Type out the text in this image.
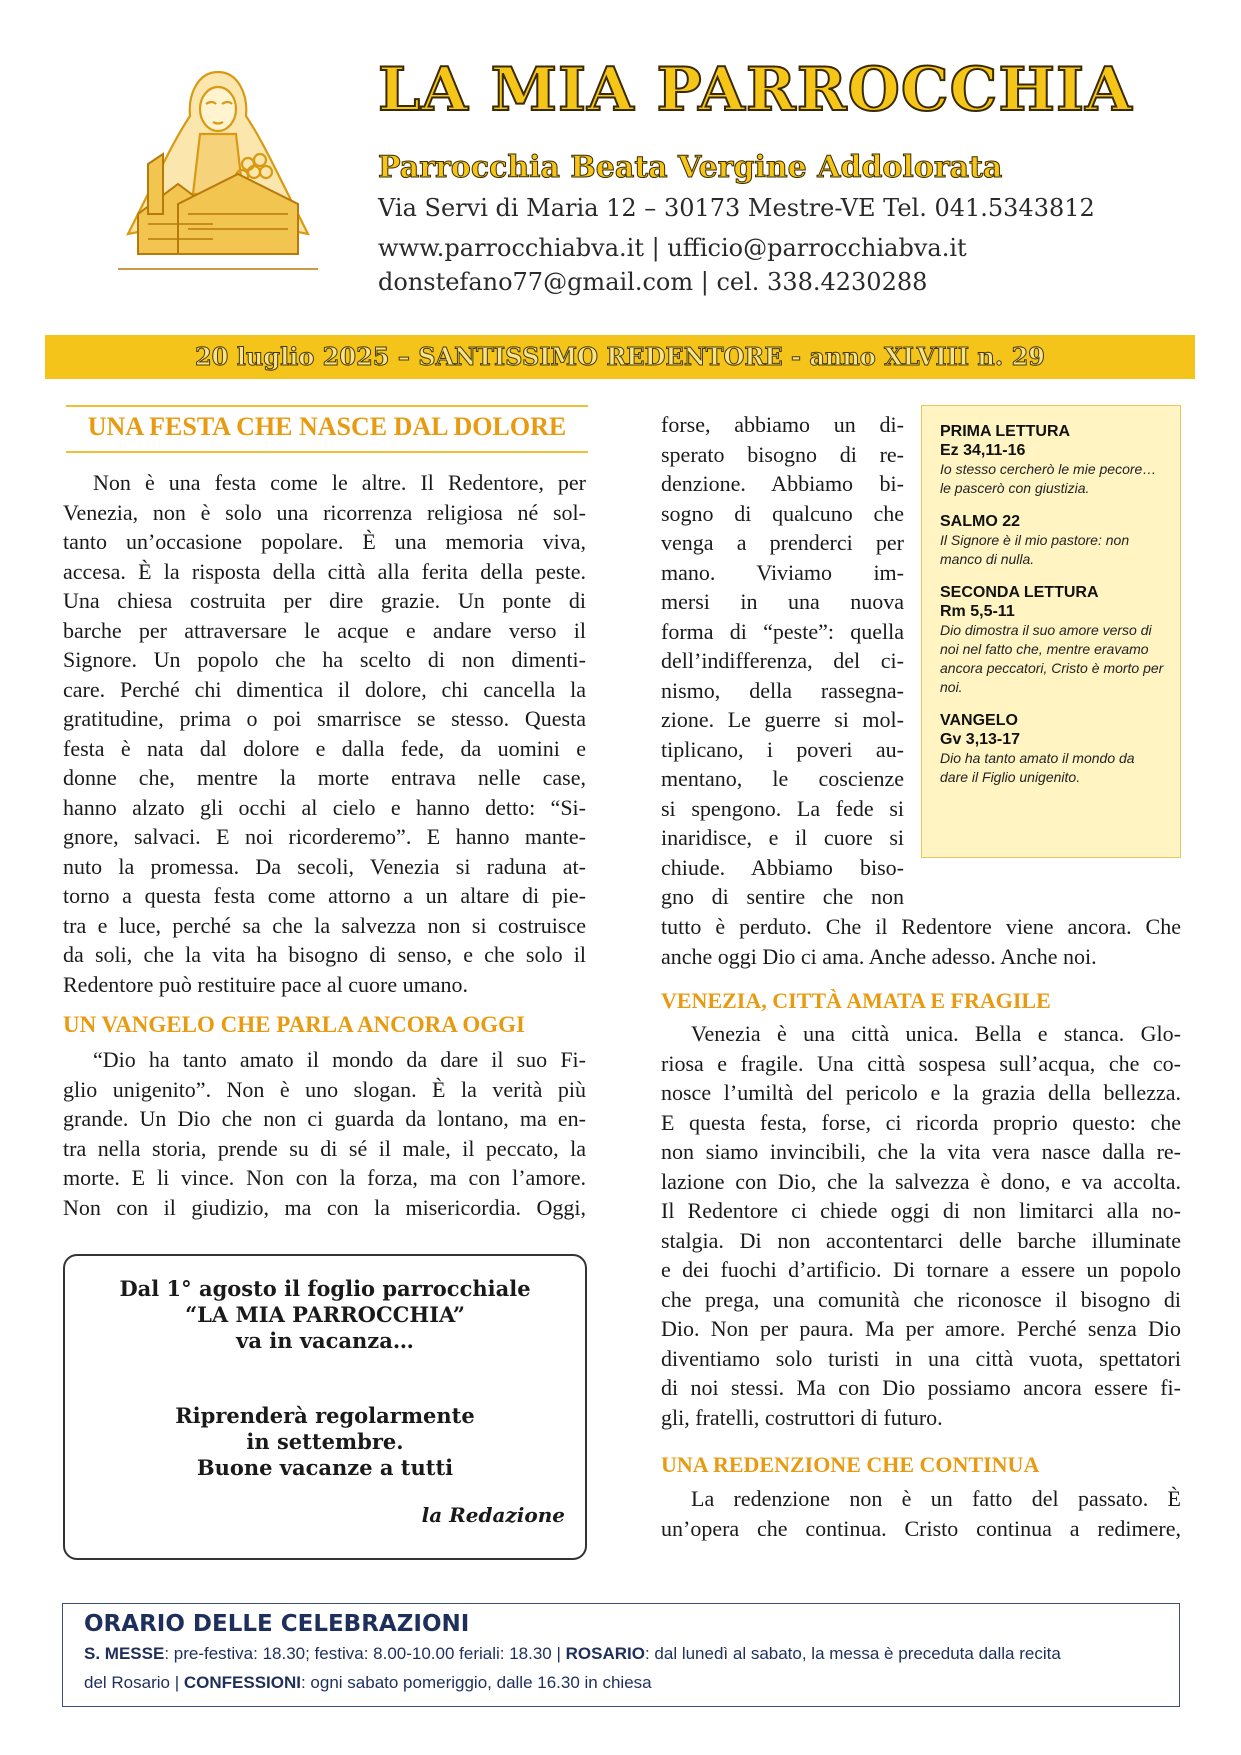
LA MIA PARROCCHIA
Parrocchia Beata Vergine Addolorata
Via Servi di Maria 12 – 30173 Mestre-VE Tel. 041.5343812
www.parrocchiabva.it | ufficio@parrocchiabva.it
donstefano77@gmail.com | cel. 338.4230288
20 luglio 2025 – SANTISSIMO REDENTORE - anno XLVIII n. 29
UNA FESTA CHE NASCE DAL DOLORE
Non è una festa come le altre. Il Redentore, per
Venezia, non è solo una ricorrenza religiosa né sol-
tanto un’occasione popolare. È una memoria viva,
accesa. È la risposta della città alla ferita della peste.
Una chiesa costruita per dire grazie. Un ponte di
barche per attraversare le acque e andare verso il
Signore. Un popolo che ha scelto di non dimenti-
care. Perché chi dimentica il dolore, chi cancella la
gratitudine, prima o poi smarrisce se stesso. Questa
festa è nata dal dolore e dalla fede, da uomini e
donne che, mentre la morte entrava nelle case,
hanno alzato gli occhi al cielo e hanno detto: “Si-
gnore, salvaci. E noi ricorderemo”. E hanno mante-
nuto la promessa. Da secoli, Venezia si raduna at-
torno a questa festa come attorno a un altare di pie-
tra e luce, perché sa che la salvezza non si costruisce
da soli, che la vita ha bisogno di senso, e che solo il
Redentore può restituire pace al cuore umano.
UN VANGELO CHE PARLA ANCORA OGGI
“Dio ha tanto amato il mondo da dare il suo Fi-
glio unigenito”. Non è uno slogan. È la verità più
grande. Un Dio che non ci guarda da lontano, ma en-
tra nella storia, prende su di sé il male, il peccato, la
morte. E li vince. Non con la forza, ma con l’amore.
Non con il giudizio, ma con la misericordia. Oggi,
Dal 1° agosto il foglio parrocchiale
“LA MIA PARROCCHIA”
va in vacanza…
Riprenderà regolarmente
in settembre.
Buone vacanze a tutti
la Redazione
forse, abbiamo un di-
sperato bisogno di re-
denzione. Abbiamo bi-
sogno di qualcuno che
venga a prenderci per
mano. Viviamo im-
mersi in una nuova
forma di “peste”: quella
dell’indifferenza, del ci-
nismo, della rassegna-
zione. Le guerre si mol-
tiplicano, i poveri au-
mentano, le coscienze
si spengono. La fede si
inaridisce, e il cuore si
chiude. Abbiamo biso-
gno di sentire che non
tutto è perduto. Che il Redentore viene ancora. Che
anche oggi Dio ci ama. Anche adesso. Anche noi.
PRIMA LETTURA
Ez 34,11-16
Io stesso cercherò le mie pecore… le pascerò con giustizia.
SALMO 22
Il Signore è il mio pastore: non manco di nulla.
SECONDA LETTURA
Rm 5,5-11
Dio dimostra il suo amore verso di noi nel fatto che, mentre eravamo ancora peccatori, Cristo è morto per noi.
VANGELO
Gv 3,13-17
Dio ha tanto amato il mondo da dare il Figlio unigenito.
VENEZIA, CITTÀ AMATA E FRAGILE
Venezia è una città unica. Bella e stanca. Glo-
riosa e fragile. Una città sospesa sull’acqua, che co-
nosce l’umiltà del pericolo e la grazia della bellezza.
E questa festa, forse, ci ricorda proprio questo: che
non siamo invincibili, che la vita vera nasce dalla re-
lazione con Dio, che la salvezza è dono, e va accolta.
Il Redentore ci chiede oggi di non limitarci alla no-
stalgia. Di non accontentarci delle barche illuminate
e dei fuochi d’artificio. Di tornare a essere un popolo
che prega, una comunità che riconosce il bisogno di
Dio. Non per paura. Ma per amore. Perché senza Dio
diventiamo solo turisti in una città vuota, spettatori
di noi stessi. Ma con Dio possiamo ancora essere fi-
gli, fratelli, costruttori di futuro.
UNA REDENZIONE CHE CONTINUA
La redenzione non è un fatto del passato. È
un’opera che continua. Cristo continua a redimere,
ORARIO DELLE CELEBRAZIONI
S. MESSE: pre-festiva: 18.30; festiva: 8.00-10.00 feriali: 18.30 | ROSARIO: dal lunedì al sabato, la messa è preceduta dalla recita
del Rosario | CONFESSIONI: ogni sabato pomeriggio, dalle 16.30 in chiesa
